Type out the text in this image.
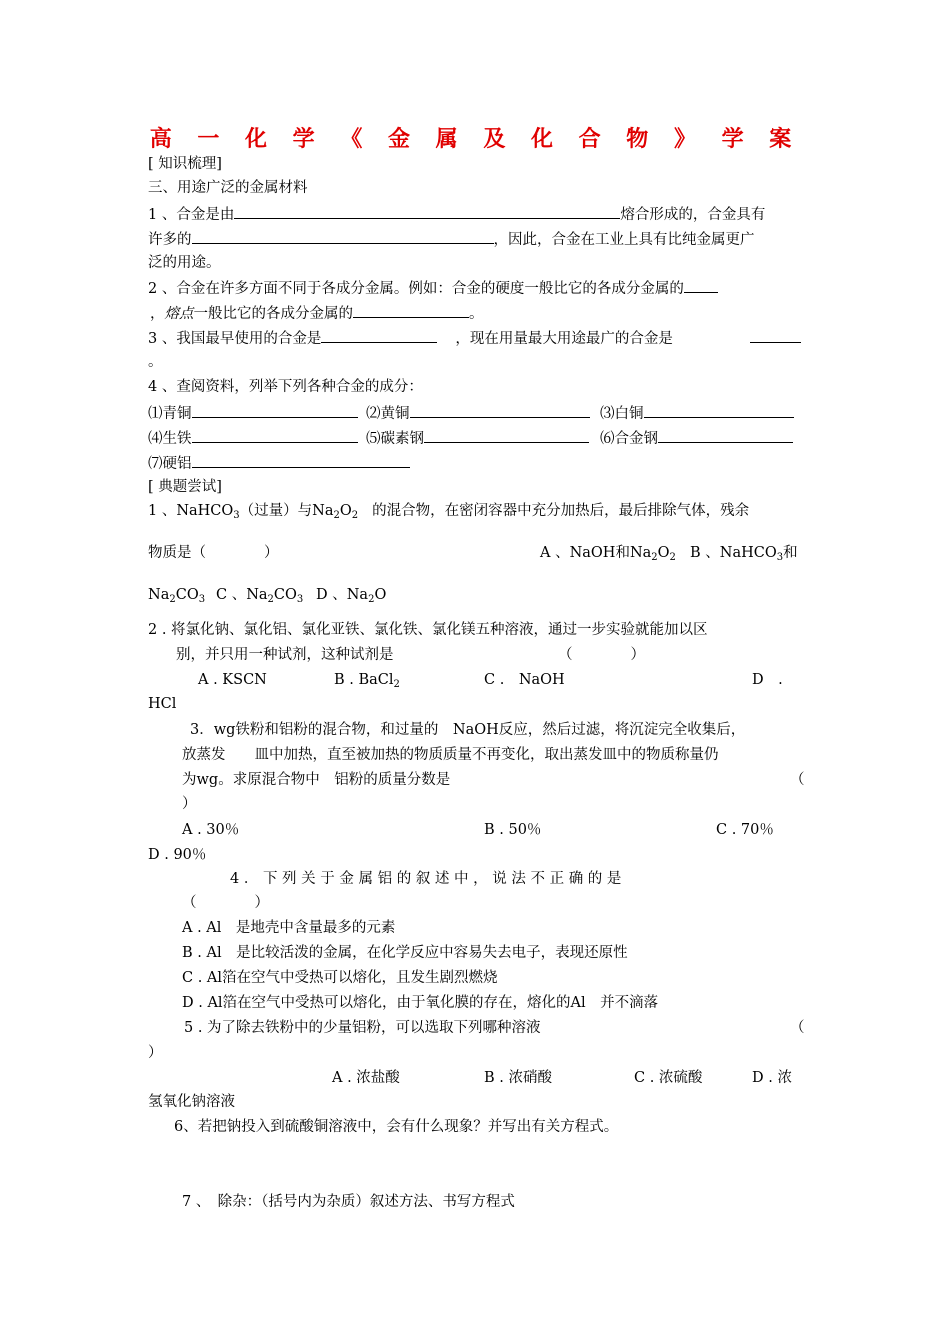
高 一 化 学 《 金 属 及 化 合 物 》 学 案
[ 知识梳理]
三、用途广泛的金属材料
1 、合金是由	熔合形成的，合金具有
许多的	，因此，合金在工业上具有比纯金属更广
泛的用途。
2 、合金在许多方面不同于各成分金属。例如：合金的硬度一般比它的各成分金属的
，熔点一般比它的各成分金属的	。
3 、我国最早使用的合金是	，现在用量最大用途最广的合金是
。
4 、查阅资料，列举下列各种合金的成分：
⑴青铜	⑵黄铜	⑶白铜
⑷生铁	⑸碳素钢	⑹合金钢
⑺硬铝
[ 典题尝试]
1 、NaHCO$_3$（过量）与$Na_2O_2$ 的混合物，在密闭容器中充分加热后，最后排除气体，残余
物质是（　　　　）	A 、NaOH和$Na_2O_2$ B 、NaHCO$_3$和
$Na_2CO_3$ C 、$Na_2CO_3$ D 、$Na_2O$
2 . 将氯化钠、氯化铝、氯化亚铁、氯化铁、氯化镁五种溶液，通过一步实验就能加以区
别，并只用一种试剂，这种试剂是	（　　　　）
A . KSCN	B . BaCl$_2$	C .　NaOH	D　.
HCl
3．wg铁粉和铝粉的混合物，和过量的　NaOH反应，然后过滤，将沉淀完全收集后，
放蒸发　　皿中加热，直至被加热的物质质量不再变化，取出蒸发皿中的物质称量仍
为wg。求原混合物中　铝粉的质量分数是	（
）
A . 30％	B . 50％	C . 70％
D . 90％
4 ． 下 列 关 于 金 属 铝 的 叙 述 中 ， 说 法 不 正 确 的 是
（　　　　）
A . Al　是地壳中含量最多的元素
B . Al　是比较活泼的金属，在化学反应中容易失去电子，表现还原性
C . Al箔在空气中受热可以熔化，且发生剧烈燃烧
D . Al箔在空气中受热可以熔化，由于氧化膜的存在，熔化的Al　并不滴落
5 . 为了除去铁粉中的少量铝粉，可以选取下列哪种溶液	（
）
A . 浓盐酸	B . 浓硝酸	C . 浓硫酸	D . 浓
氢氧化钠溶液
6、若把钠投入到硫酸铜溶液中，会有什么现象？并写出有关方程式。
7 、　除杂：（括号内为杂质）叙述方法、书写方程式
